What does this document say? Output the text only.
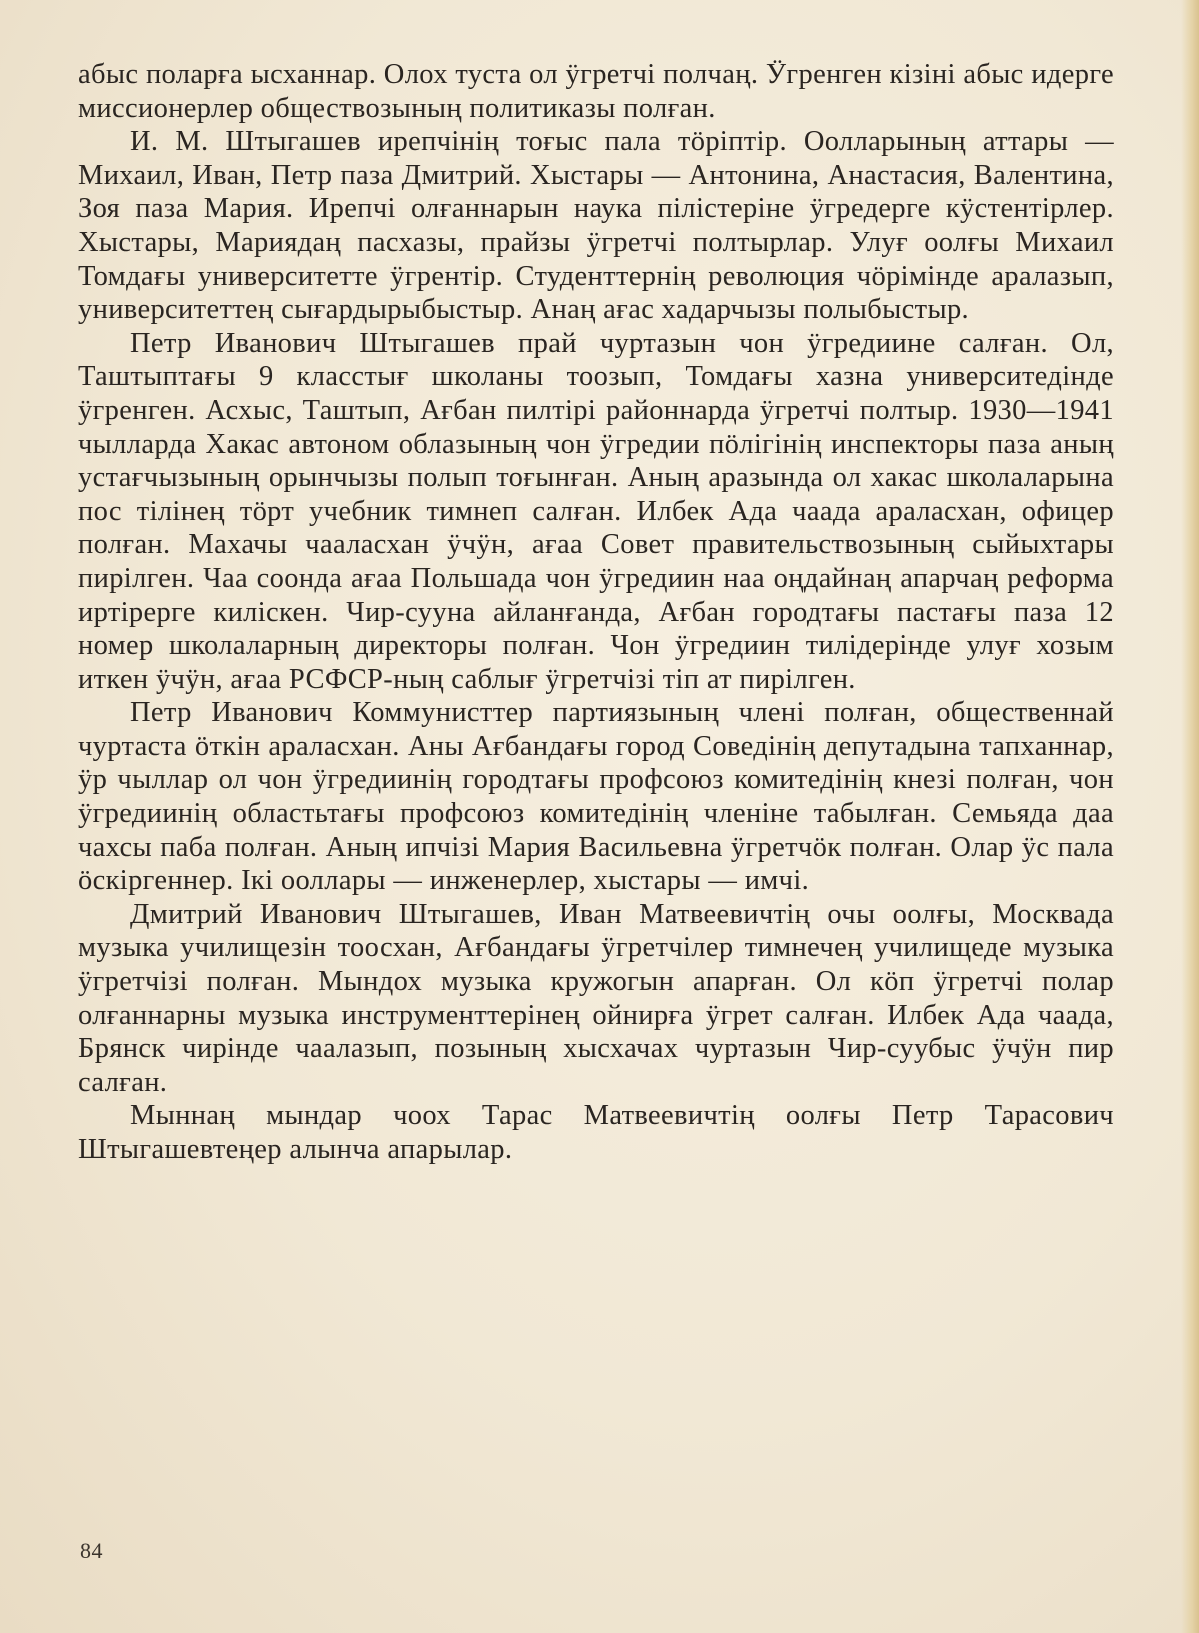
абыс поларға ысханнар. Олох туста ол ӱгретчі полчаң. Ӱгренген кізіні абыс идерге миссионерлер обществозының политиказы полған.

И. М. Штыгашев ирепчінің тоғыс пала тöріптір. Оолларының аттары — Михаил, Иван, Петр паза Дмитрий. Хыстары — Антонина, Анастасия, Валентина, Зоя паза Мария. Ирепчі олғаннарын наука пілістеріне ӱгредерге кӱстентірлер. Хыстары, Мариядаң пасхазы, прайзы ӱгретчі полтырлар. Улуғ оолғы Михаил Томдағы университетте ӱгрентір. Студенттернің революция чöрімінде аралазып, университеттең сығардырыбыстыр. Анаң ағас хадарчызы полыбыстыр.

Петр Иванович Штыгашев прай чуртазын чон ӱгредиине салған. Ол, Таштыптағы 9 класстығ школаны тоозып, Томдағы хазна университедінде ӱгренген. Асхыс, Таштып, Ағбан пилтірі районнарда ӱгретчі полтыр. 1930—1941 чылларда Хакас автоном облазының чон ӱгредии пöлігінің инспекторы паза аның устағчызының орынчызы полып тоғынған. Аның аразында ол хакас школаларына пос тілінең тöрт учебник тимнеп салған. Илбек Ада чаада араласхан, офицер полған. Махачы чааласхан ӱчӱн, ағаа Совет правительствозының сыйыхтары пирілген. Чаа соонда ағаа Польшада чон ӱгредиин наа оңдайнаң апарчаң реформа иртірерге киліскен. Чир-сууна айланғанда, Ағбан городтағы пастағы паза 12 номер школаларның директоры полған. Чон ӱгредиин тилідерінде улуғ хозым иткен ӱчӱн, ағаа РСФСР-ның саблығ ӱгретчізі тіп ат пирілген.

Петр Иванович Коммунисттер партиязының члені полған, общественнай чуртаста öткін араласхан. Аны Ағбандағы город Соведінің депутадына тапханнар, ӱр чыллар ол чон ӱгредиинің городтағы профсоюз комитедінің кнезі полған, чон ӱгредиинің областьтағы профсоюз комитедінің членіне табылған. Семьяда даа чахсы паба полған. Аның ипчізі Мария Васильевна ӱгретчöк полған. Олар ӱс пала öскіргеннер. Ікі ооллары — инженерлер, хыстары — имчі.

Дмитрий Иванович Штыгашев, Иван Матвеевичтің очы оолғы, Москвада музыка училищезін тоосхан, Ағбандағы ӱгретчілер тимнечең училищеде музыка ӱгретчізі полған. Мындох музыка кружогын апарған. Ол кöп ӱгретчі полар олғаннарны музыка инструменттерінең ойнирға ӱгрет салған. Илбек Ада чаада, Брянск чирінде чаалазып, позының хысхачах чуртазын Чир-суубыс ӱчӱн пир салған.

Мыннаң мындар чоох Тарас Матвеевичтің оолғы Петр Тарасович Штыгашевтеңер алынча апарылар.

84
